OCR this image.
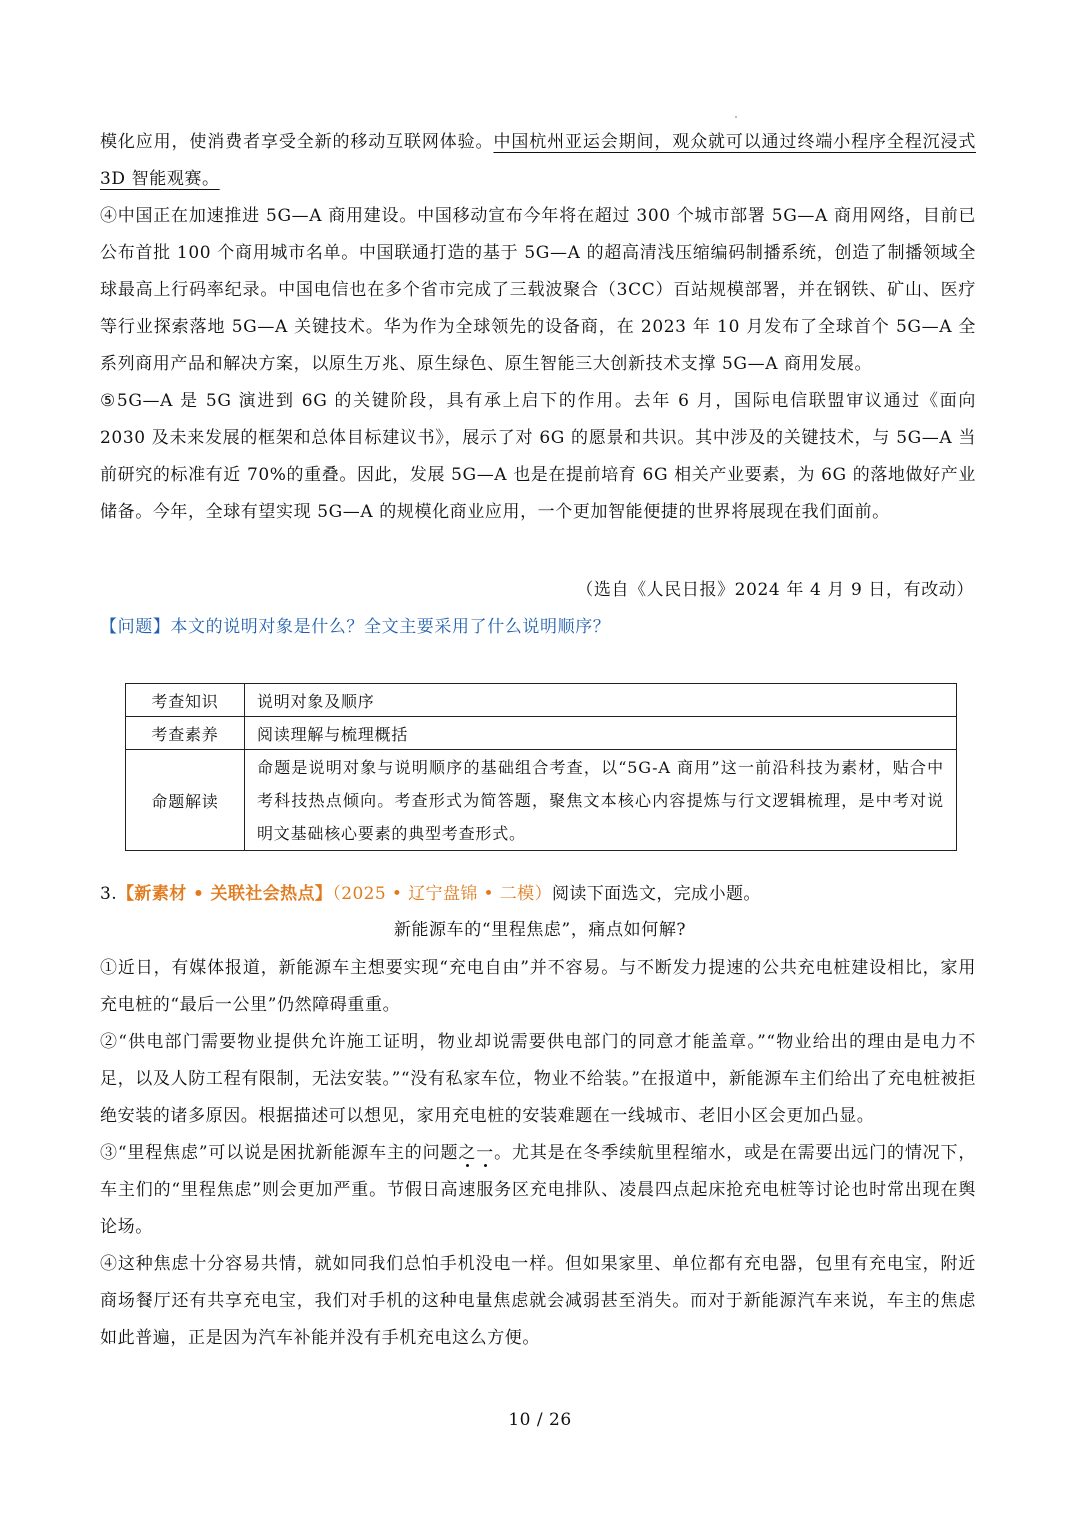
模化应用，使消费者享受全新的移动互联网体验。中国杭州亚运会期间，观众就可以通过终端小程序全程沉浸式 3D 智能观赛。

④中国正在加速推进 5G—A 商用建设。中国移动宣布今年将在超过 300 个城市部署 5G—A 商用网络，目前已公布首批 100 个商用城市名单。中国联通打造的基于 5G—A 的超高清浅压缩编码制播系统，创造了制播领域全球最高上行码率纪录。中国电信也在多个省市完成了三载波聚合（3CC）百站规模部署，并在钢铁、矿山、医疗等行业探索落地 5G—A 关键技术。华为作为全球领先的设备商，在 2023 年 10 月发布了全球首个 5G—A 全系列商用产品和解决方案，以原生万兆、原生绿色、原生智能三大创新技术支撑 5G—A 商用发展。

⑤5G—A 是 5G 演进到 6G 的关键阶段，具有承上启下的作用。去年 6 月，国际电信联盟审议通过《面向 2030 及未来发展的框架和总体目标建议书》，展示了对 6G 的愿景和共识。其中涉及的关键技术，与 5G—A 当前研究的标准有近 70%的重叠。因此，发展 5G—A 也是在提前培育 6G 相关产业要素，为 6G 的落地做好产业储备。今年，全球有望实现 5G—A 的规模化商业应用，一个更加智能便捷的世界将展现在我们面前。

（选自《人民日报》2024 年 4 月 9 日，有改动）
【问题】本文的说明对象是什么？全文主要采用了什么说明顺序？
考查知识	说明对象及顺序
考查素养	阅读理解与梳理概括
命题解读	命题是说明对象与说明顺序的基础组合考查，以“5G-A 商用”这一前沿科技为素材，贴合中考科技热点倾向。考查形式为简答题，聚焦文本核心内容提炼与行文逻辑梳理，是中考对说明文基础核心要素的典型考查形式。
3.【新素材 • 关联社会热点】（2025 • 辽宁盘锦 • 二模）阅读下面选文，完成小题。
新能源车的“里程焦虑”，痛点如何解?

①近日，有媒体报道，新能源车主想要实现“充电自由”并不容易。与不断发力提速的公共充电桩建设相比，家用充电桩的“最后一公里”仍然障碍重重。

②“供电部门需要物业提供允许施工证明，物业却说需要供电部门的同意才能盖章。”“物业给出的理由是电力不足，以及人防工程有限制，无法安装。”“没有私家车位，物业不给装。”在报道中，新能源车主们给出了充电桩被拒绝安装的诸多原因。根据描述可以想见，家用充电桩的安装难题在一线城市、老旧小区会更加凸显。

③“里程焦虑”可以说是困扰新能源车主的问题之一。尤其是在冬季续航里程缩水，或是在需要出远门的情况下，车主们的“里程焦虑”则会更加严重。节假日高速服务区充电排队、凌晨四点起床抢充电桩等讨论也时常出现在舆论场。

④这种焦虑十分容易共情，就如同我们总怕手机没电一样。但如果家里、单位都有充电器，包里有充电宝，附近商场餐厅还有共享充电宝，我们对手机的这种电量焦虑就会减弱甚至消失。而对于新能源汽车来说，车主的焦虑如此普遍，正是因为汽车补能并没有手机充电这么方便。

10 / 26
